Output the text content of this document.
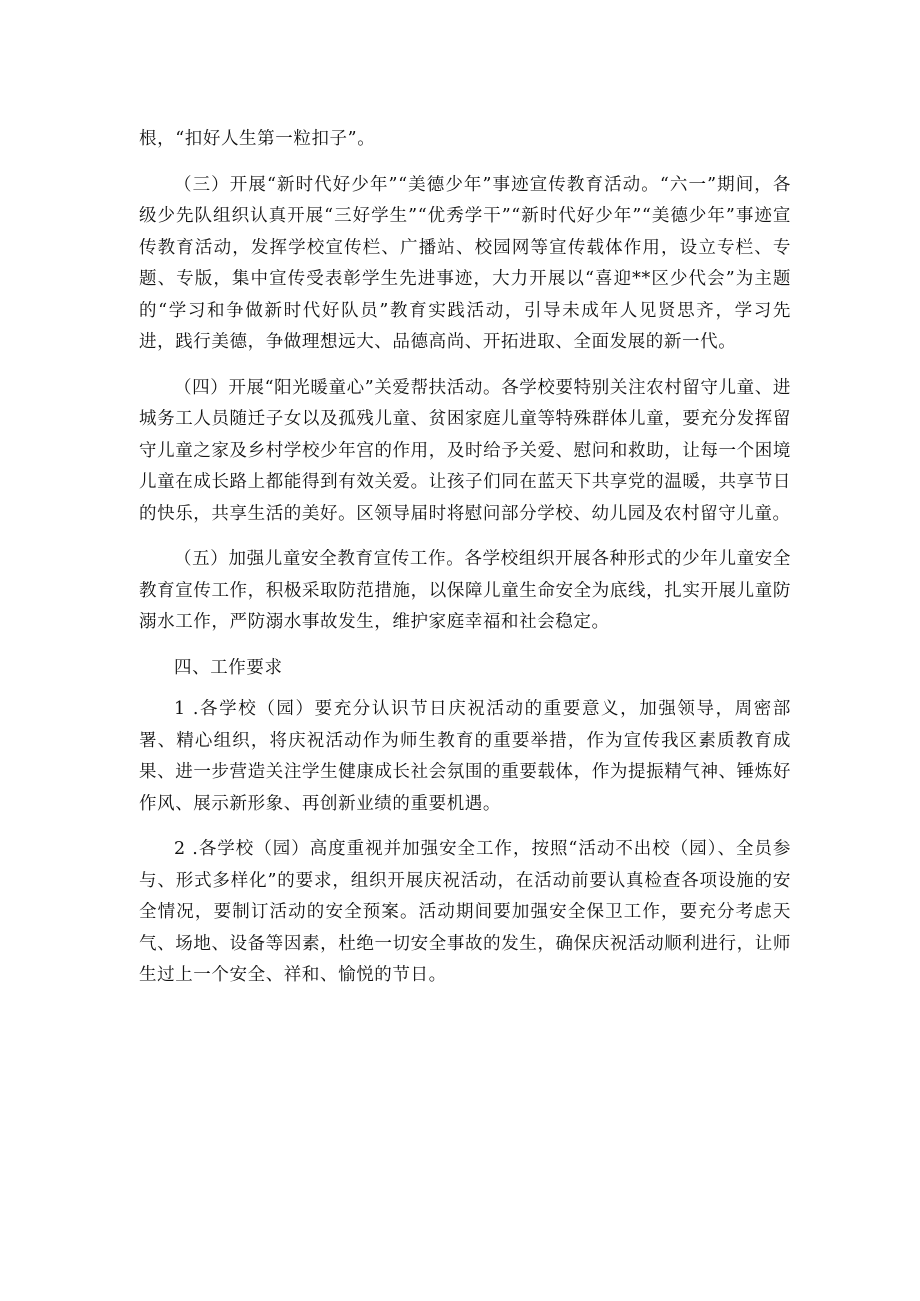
根，“扣好人生第一粒扣子”。

（三）开展“新时代好少年”“美德少年”事迹宣传教育活动。“六一”期间，各级少先队组织认真开展“三好学生”“优秀学干”“新时代好少年”“美德少年”事迹宣传教育活动，发挥学校宣传栏、广播站、校园网等宣传载体作用，设立专栏、专题、专版，集中宣传受表彰学生先进事迹，大力开展以“喜迎**区少代会”为主题的“学习和争做新时代好队员”教育实践活动，引导未成年人见贤思齐，学习先进，践行美德，争做理想远大、品德高尚、开拓进取、全面发展的新一代。

（四）开展“阳光暖童心”关爱帮扶活动。各学校要特别关注农村留守儿童、进城务工人员随迁子女以及孤残儿童、贫困家庭儿童等特殊群体儿童，要充分发挥留守儿童之家及乡村学校少年宫的作用，及时给予关爱、慰问和救助，让每一个困境儿童在成长路上都能得到有效关爱。让孩子们同在蓝天下共享党的温暖，共享节日的快乐，共享生活的美好。区领导届时将慰问部分学校、幼儿园及农村留守儿童。

（五）加强儿童安全教育宣传工作。各学校组织开展各种形式的少年儿童安全教育宣传工作，积极采取防范措施，以保障儿童生命安全为底线，扎实开展儿童防溺水工作，严防溺水事故发生，维护家庭幸福和社会稳定。

四、工作要求

1 .各学校（园）要充分认识节日庆祝活动的重要意义，加强领导，周密部署、精心组织，将庆祝活动作为师生教育的重要举措，作为宣传我区素质教育成果、进一步营造关注学生健康成长社会氛围的重要载体，作为提振精气神、锤炼好作风、展示新形象、再创新业绩的重要机遇。

2 .各学校（园）高度重视并加强安全工作，按照“活动不出校（园）、全员参与、形式多样化”的要求，组织开展庆祝活动，在活动前要认真检查各项设施的安全情况，要制订活动的安全预案。活动期间要加强安全保卫工作，要充分考虑天气、场地、设备等因素，杜绝一切安全事故的发生，确保庆祝活动顺利进行，让师生过上一个安全、祥和、愉悦的节日。
